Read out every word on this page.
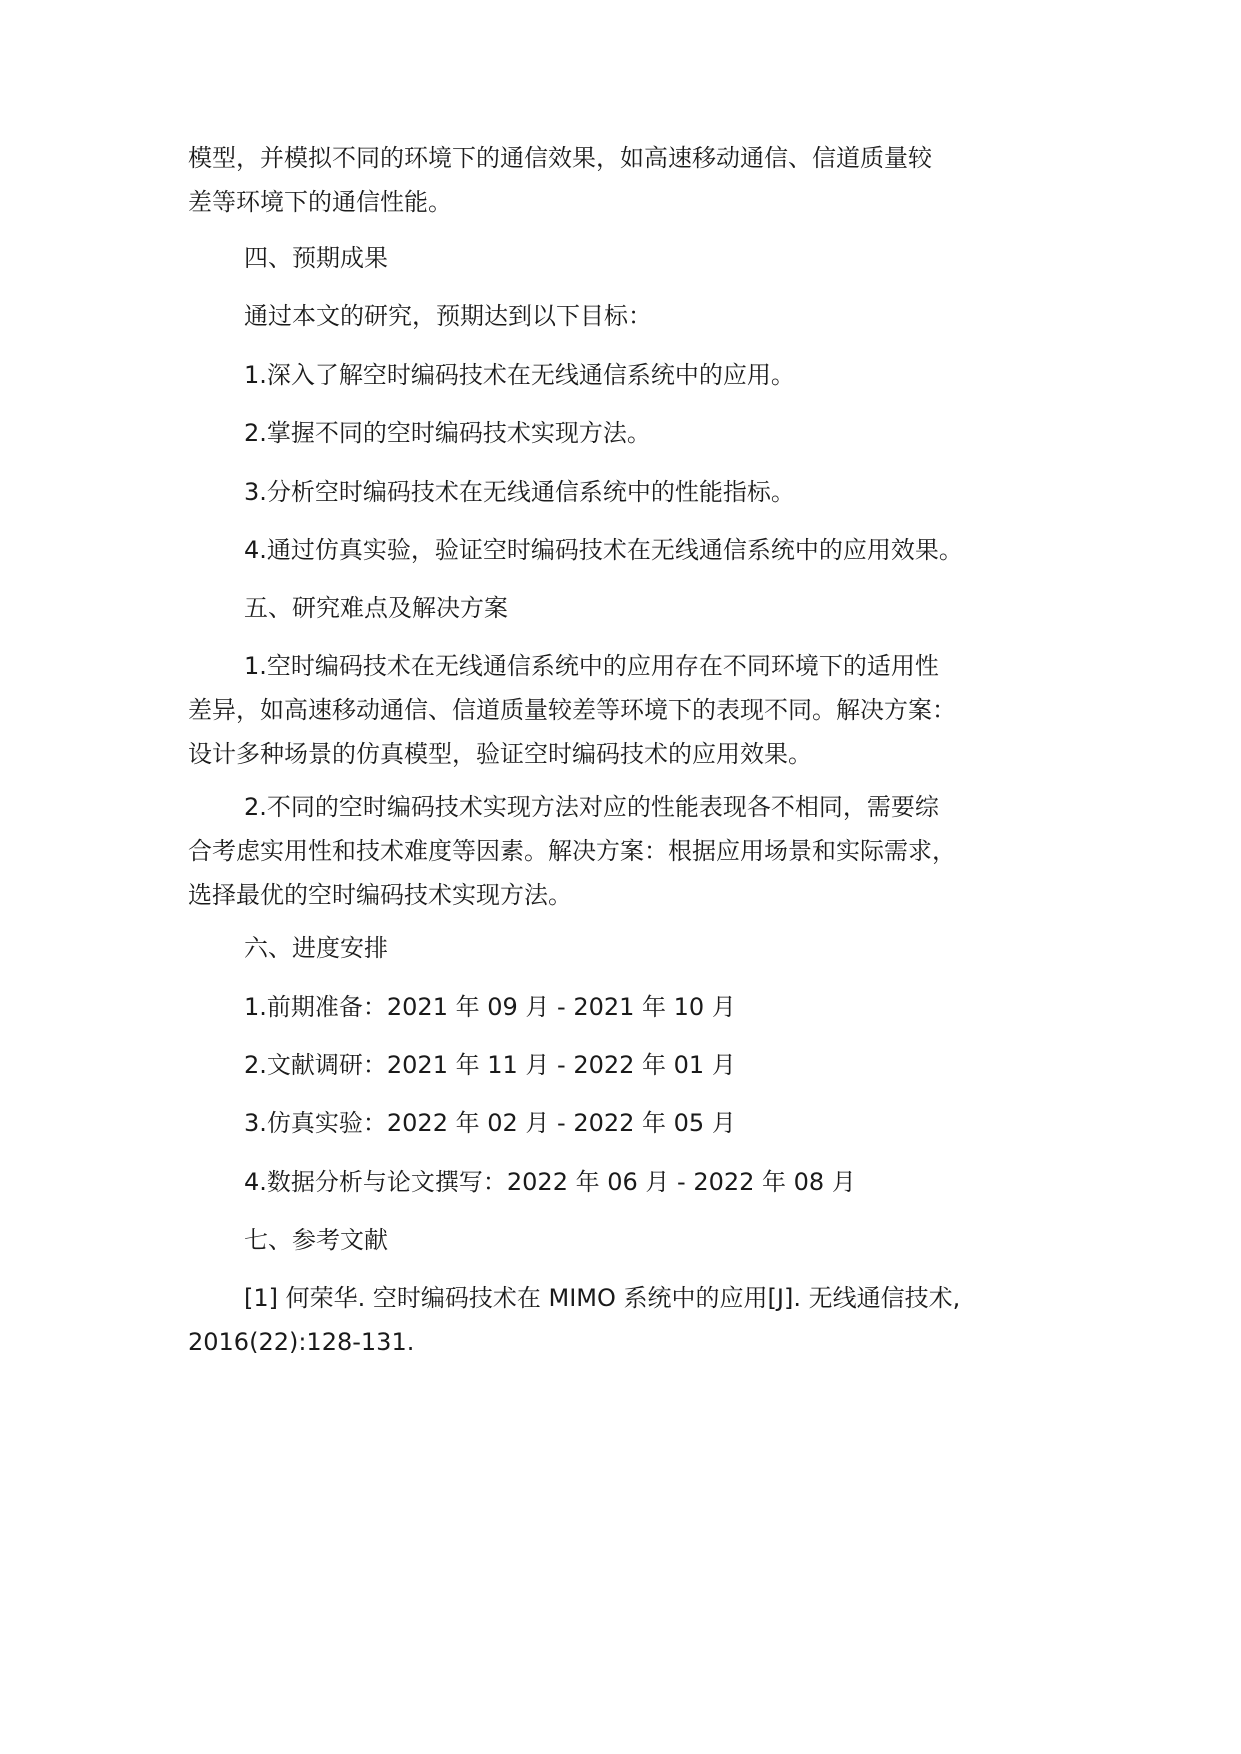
模型，并模拟不同的环境下的通信效果，如高速移动通信、信道质量较
差等环境下的通信性能。
四、预期成果
通过本文的研究，预期达到以下目标：
1.深入了解空时编码技术在无线通信系统中的应用。
2.掌握不同的空时编码技术实现方法。
3.分析空时编码技术在无线通信系统中的性能指标。
4.通过仿真实验，验证空时编码技术在无线通信系统中的应用效果。
五、研究难点及解决方案
1.空时编码技术在无线通信系统中的应用存在不同环境下的适用性
差异，如高速移动通信、信道质量较差等环境下的表现不同。解决方案：
设计多种场景的仿真模型，验证空时编码技术的应用效果。
2.不同的空时编码技术实现方法对应的性能表现各不相同，需要综
合考虑实用性和技术难度等因素。解决方案：根据应用场景和实际需求，
选择最优的空时编码技术实现方法。
六、进度安排
1.前期准备：2021 年 09 月 - 2021 年 10 月
2.文献调研：2021 年 11 月 - 2022 年 01 月
3.仿真实验：2022 年 02 月 - 2022 年 05 月
4.数据分析与论文撰写：2022 年 06 月 - 2022 年 08 月
七、参考文献
[1] 何荣华. 空时编码技术在 MIMO 系统中的应用[J]. 无线通信技术,
2016(22):128-131.
